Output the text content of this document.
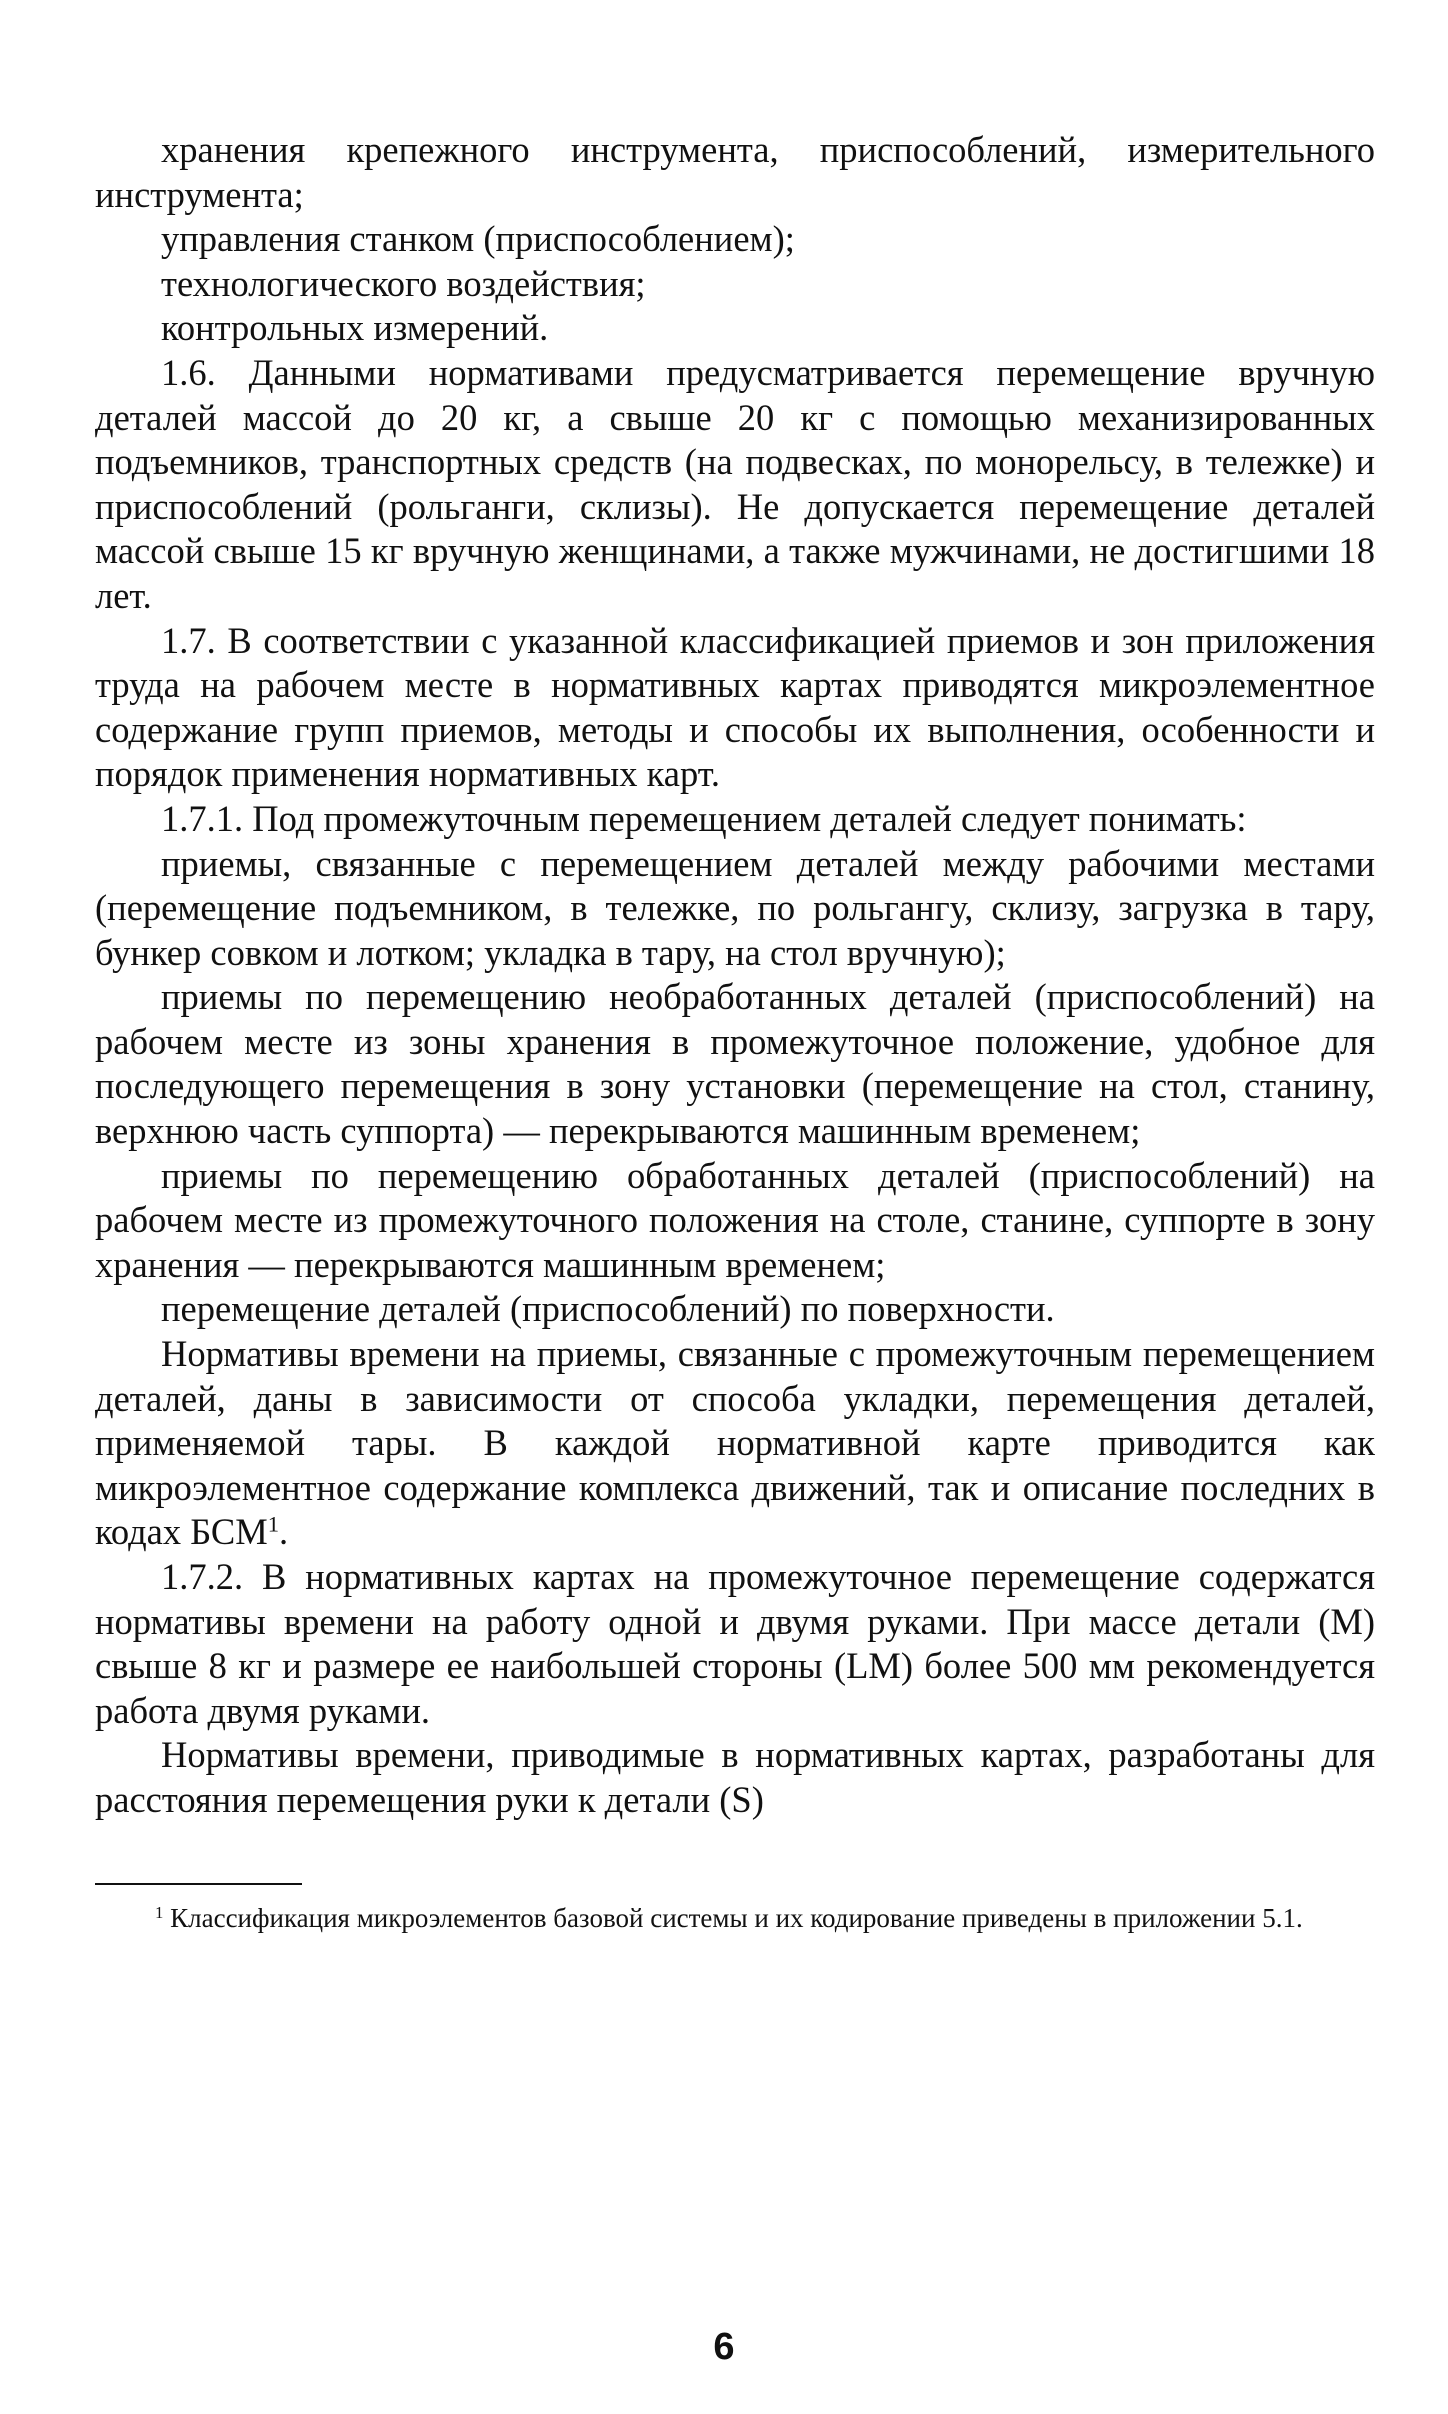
хранения крепежного инструмента, приспособлений, измерительного инструмента;

управления станком (приспособлением);

технологического воздействия;

контрольных измерений.

1.6. Данными нормативами предусматривается перемещение вручную деталей массой до 20 кг, а свыше 20 кг с помощью механизированных подъемников, транспортных средств (на подвесках, по монорельсу, в тележке) и приспособлений (рольганги, склизы). Не допускается перемещение деталей массой свыше 15 кг вручную женщинами, а также мужчинами, не достигшими 18 лет.

1.7. В соответствии с указанной классификацией приемов и зон приложения труда на рабочем месте в нормативных картах приводятся микроэлементное содержание групп приемов, методы и способы их выполнения, особенности и порядок применения нормативных карт.

1.7.1. Под промежуточным перемещением деталей следует понимать:

приемы, связанные с перемещением деталей между рабочими местами (перемещение подъемником, в тележке, по рольгангу, склизу, загрузка в тару, бункер совком и лотком; укладка в тару, на стол вручную);

приемы по перемещению необработанных деталей (приспособлений) на рабочем месте из зоны хранения в промежуточное положение, удобное для последующего перемещения в зону установки (перемещение на стол, станину, верхнюю часть суппорта) — перекрываются машинным временем;

приемы по перемещению обработанных деталей (приспособлений) на рабочем месте из промежуточного положения на столе, станине, суппорте в зону хранения — перекрываются машинным временем;

перемещение деталей (приспособлений) по поверхности.

Нормативы времени на приемы, связанные с промежуточным перемещением деталей, даны в зависимости от способа укладки, перемещения деталей, применяемой тары. В каждой нормативной карте приводится как микроэлементное содержание комплекса движений, так и описание последних в кодах БСМ$^1$.

1.7.2. В нормативных картах на промежуточное перемещение содержатся нормативы времени на работу одной и двумя руками. При массе детали (М) свыше 8 кг и размере ее наибольшей стороны (LM) более 500 мм рекомендуется работа двумя руками.

Нормативы времени, приводимые в нормативных картах, разработаны для расстояния перемещения руки к детали (S)

$^1$ Классификация микроэлементов базовой системы и их кодирование приведены в приложении 5.1.

6
